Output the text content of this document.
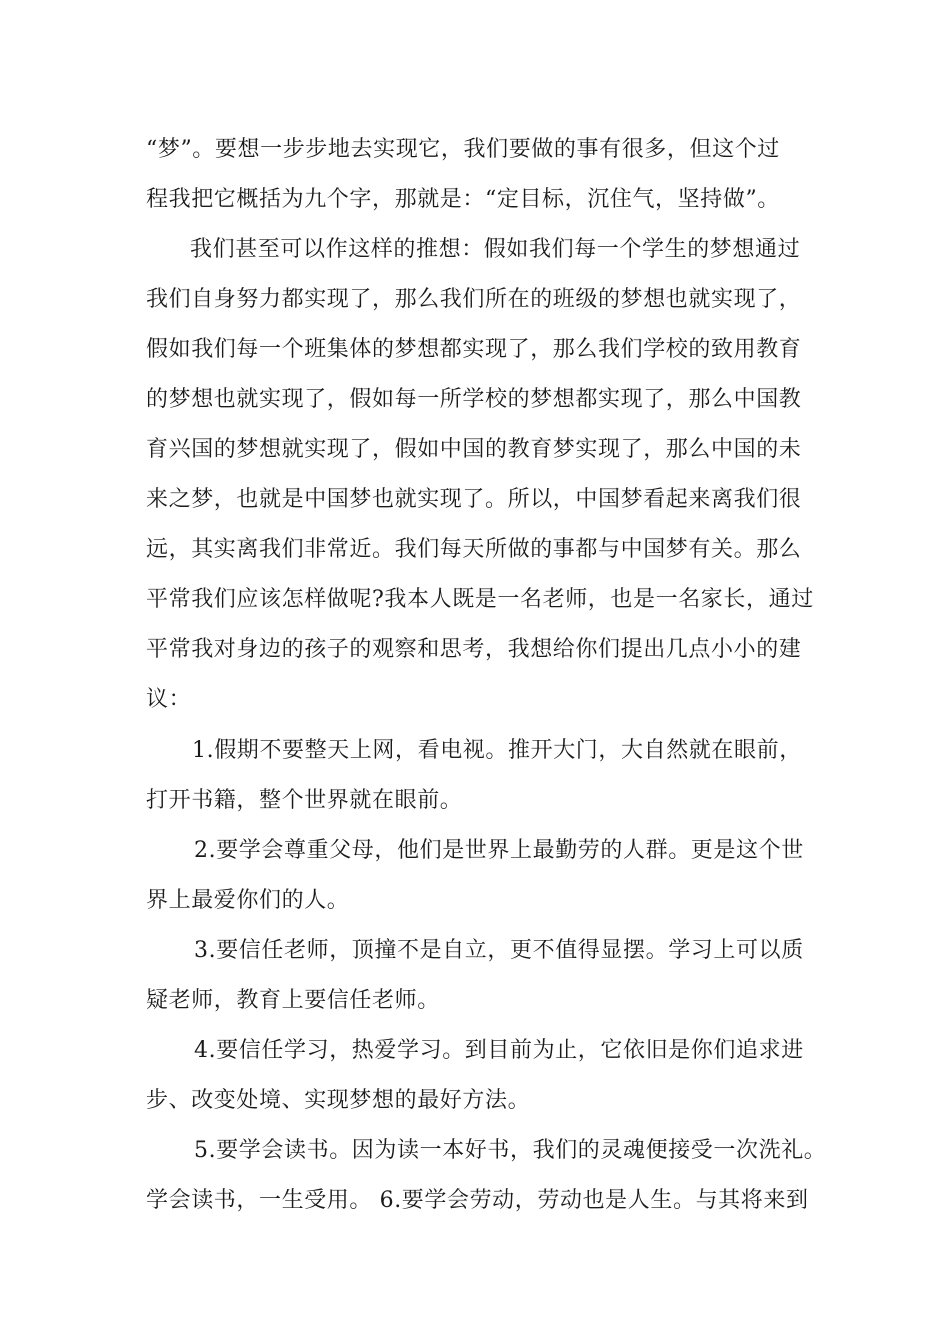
“梦”。要想一步步地去实现它，我们要做的事有很多，但这个过
程我把它概括为九个字，那就是：“定目标，沉住气，坚持做”。
我们甚至可以作这样的推想：假如我们每一个学生的梦想通过
我们自身努力都实现了，那么我们所在的班级的梦想也就实现了，
假如我们每一个班集体的梦想都实现了，那么我们学校的致用教育
的梦想也就实现了，假如每一所学校的梦想都实现了，那么中国教
育兴国的梦想就实现了，假如中国的教育梦实现了，那么中国的未
来之梦，也就是中国梦也就实现了。所以，中国梦看起来离我们很
远，其实离我们非常近。我们每天所做的事都与中国梦有关。那么
平常我们应该怎样做呢?我本人既是一名老师，也是一名家长，通过
平常我对身边的孩子的观察和思考，我想给你们提出几点小小的建
议：
1.假期不要整天上网，看电视。推开大门，大自然就在眼前，
打开书籍，整个世界就在眼前。
2.要学会尊重父母，他们是世界上最勤劳的人群。更是这个世
界上最爱你们的人。
3.要信任老师，顶撞不是自立，更不值得显摆。学习上可以质
疑老师，教育上要信任老师。
4.要信任学习，热爱学习。到目前为止，它依旧是你们追求进
步、改变处境、实现梦想的最好方法。
5.要学会读书。因为读一本好书，我们的灵魂便接受一次洗礼。
学会读书，一生受用。 6.要学会劳动，劳动也是人生。与其将来到
